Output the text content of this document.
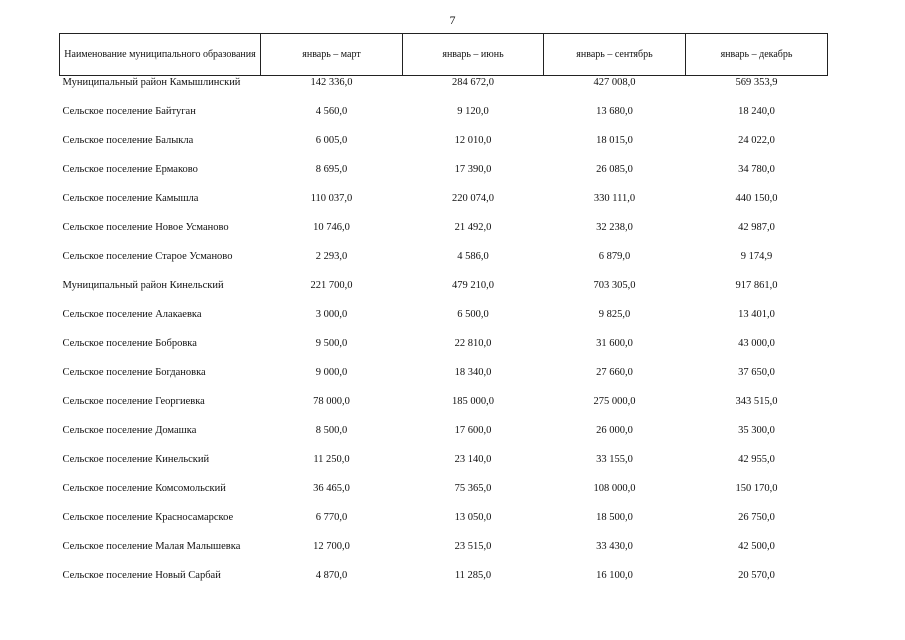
7
Наименование муниципального образования	январь – март	январь – июнь	январь – сентябрь	январь – декабрь
Муниципальный район Камышлинский	142 336,0	284 672,0	427 008,0	569 353,9
Сельское поселение Байтуган	4 560,0	9 120,0	13 680,0	18 240,0
Сельское поселение Балыкла	6 005,0	12 010,0	18 015,0	24 022,0
Сельское поселение Ермаково	8 695,0	17 390,0	26 085,0	34 780,0
Сельское поселение Камышла	110 037,0	220 074,0	330 111,0	440 150,0
Сельское поселение Новое Усманово	10 746,0	21 492,0	32 238,0	42 987,0
Сельское поселение Старое Усманово	2 293,0	4 586,0	6 879,0	9 174,9
Муниципальный район Кинельский	221 700,0	479 210,0	703 305,0	917 861,0
Сельское поселение Алакаевка	3 000,0	6 500,0	9 825,0	13 401,0
Сельское поселение Бобровка	9 500,0	22 810,0	31 600,0	43 000,0
Сельское поселение Богдановка	9 000,0	18 340,0	27 660,0	37 650,0
Сельское поселение Георгиевка	78 000,0	185 000,0	275 000,0	343 515,0
Сельское поселение Домашка	8 500,0	17 600,0	26 000,0	35 300,0
Сельское поселение Кинельский	11 250,0	23 140,0	33 155,0	42 955,0
Сельское поселение Комсомольский	36 465,0	75 365,0	108 000,0	150 170,0
Сельское поселение Красносамарское	6 770,0	13 050,0	18 500,0	26 750,0
Сельское поселение Малая Малышевка	12 700,0	23 515,0	33 430,0	42 500,0
Сельское поселение Новый Сарбай	4 870,0	11 285,0	16 100,0	20 570,0
